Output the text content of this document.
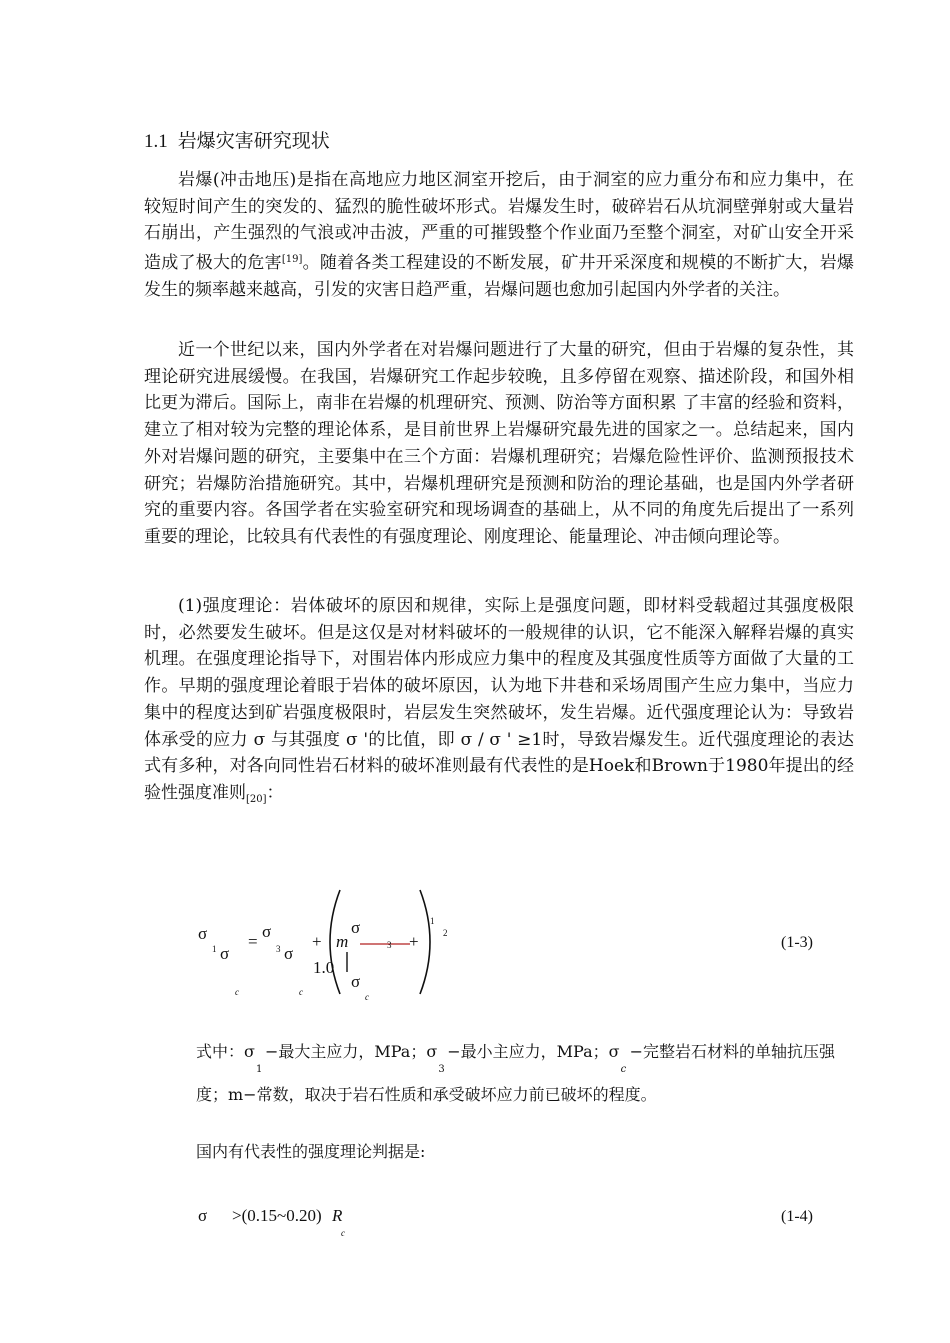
1.1 岩爆灾害研究现状

岩爆(冲击地压)是指在高地应力地区洞室开挖后，由于洞室的应力重分布和应力集中，在较短时间产生的突发的、猛烈的脆性破坏形式。岩爆发生时，破碎岩石从坑洞壁弹射或大量岩石崩出，产生强烈的气浪或冲击波，严重的可摧毁整个作业面乃至整个洞室，对矿山安全开采造成了极大的危害[19]。随着各类工程建设的不断发展，矿井开采深度和规模的不断扩大，岩爆发生的频率越来越高，引发的灾害日趋严重，岩爆问题也愈加引起国内外学者的关注。

近一个世纪以来，国内外学者在对岩爆问题进行了大量的研究，但由于岩爆的复杂性，其理论研究进展缓慢。在我国，岩爆研究工作起步较晚，且多停留在观察、描述阶段，和国外相比更为滞后。国际上，南非在岩爆的机理研究、预测、防治等方面积累 了丰富的经验和资料，建立了相对较为完整的理论体系，是目前世界上岩爆研究最先进的国家之一。总结起来，国内外对岩爆问题的研究，主要集中在三个方面：岩爆机理研究；岩爆危险性评价、监测预报技术研究；岩爆防治措施研究。其中，岩爆机理研究是预测和防治的理论基础，也是国内外学者研究的重要内容。各国学者在实验室研究和现场调查的基础上，从不同的角度先后提出了一系列重要的理论，比较具有代表性的有强度理论、刚度理论、能量理论、冲击倾向理论等。

(1)强度理论：岩体破坏的原因和规律，实际上是强度问题，即材料受载超过其强度极限时，必然要发生破坏。但是这仅是对材料破坏的一般规律的认识，它不能深入解释岩爆的真实机理。在强度理论指导下，对围岩体内形成应力集中的程度及其强度性质等方面做了大量的工作。早期的强度理论着眼于岩体的破坏原因，认为地下井巷和采场周围产生应力集中，当应力集中的程度达到矿岩强度极限时，岩层发生突然破坏，发生岩爆。近代强度理论认为：导致岩体承受的应力 σ 与其强度 σ '的比值，即 σ / σ ' ≥1时，导致岩爆发生。近代强度理论的表达式有多种，对各向同性岩石材料的破坏准则最有代表性的是Hoek和Brown于1980年提出的经验性强度准则$_{[20]}$：

σ
1 σ
c
=
σ
3 σ
c
+
1.0
m
σ
3 +
σ
c
1
2
(1-3)
式中：σ
1
−最大主应力，MPa；σ
3
−最小主应力，MPa；σ
c
−完整岩石材料的单轴抗压强
度；m−常数，取决于岩石性质和承受破坏应力前已破坏的程度。
国内有代表性的强度理论判据是:
σ >(0.15~0.20) R
c
(1-4)
